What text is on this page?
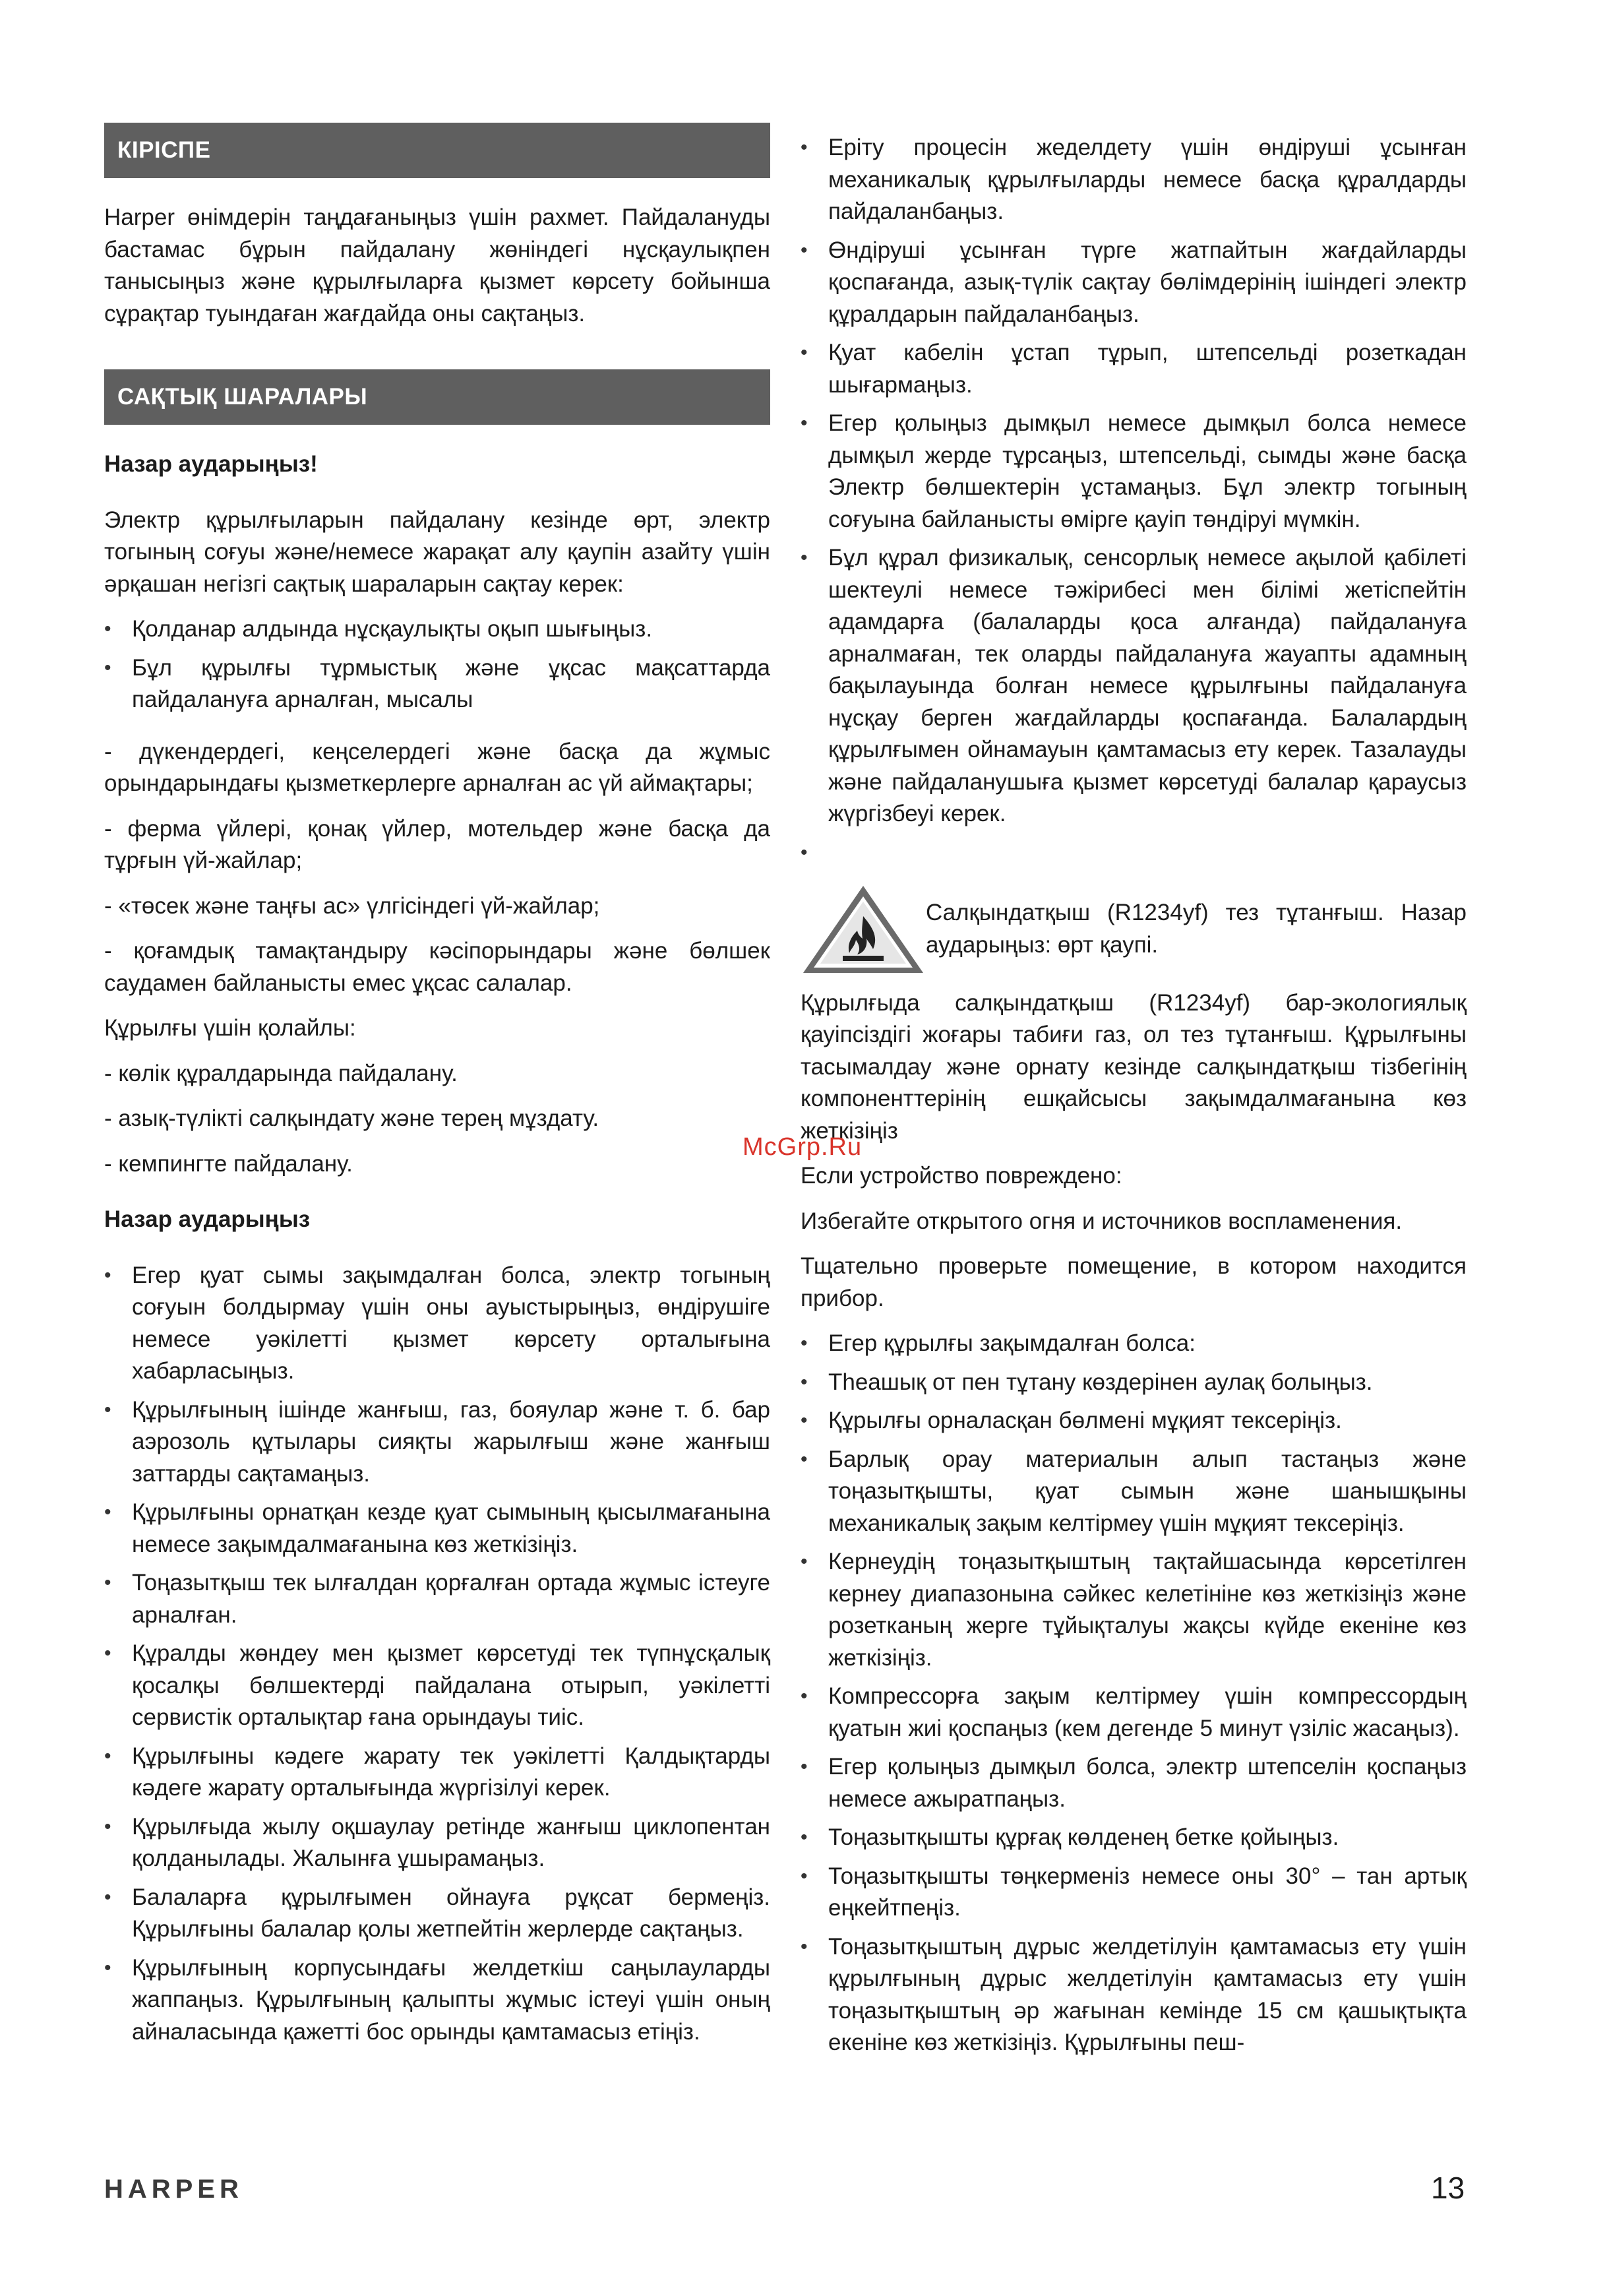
КІРІСПЕ

Harper өнімдерін таңдағаныңыз үшін рахмет. Пайдалануды бастамас бұрын пайдалану жөніндегі нұсқаулықпен танысыңыз және құрылғыларға қызмет көрсету бойынша сұрақтар туындаған жағдайда оны сақтаңыз.

САҚТЫҚ ШАРАЛАРЫ

Назар аударыңыз!

Электр құрылғыларын пайдалану кезінде өрт, электр тогының соғуы және/немесе жарақат алу қаупін азайту үшін әрқашан негізгі сақтық шараларын сақтау керек:

• Қолданар алдында нұсқаулықты оқып шығыңыз.
• Бұл құрылғы тұрмыстық және ұқсас мақсаттарда пайдалануға арналған, мысалы

- дүкендердегі, кеңселердегі және басқа да жұмыс орындарындағы қызметкерлерге арналған ас үй аймақтары;

- ферма үйлері, қонақ үйлер, мотельдер және басқа да тұрғын үй-жайлар;

- «төсек және таңғы ас» үлгісіндегі үй-жайлар;

- қоғамдық тамақтандыру кәсіпорындары және бөлшек саудамен байланысты емес ұқсас салалар.

Құрылғы үшін қолайлы:

- көлік құралдарында пайдалану.

- азық-түлікті салқындату және терең мұздату.

- кемпингте пайдалану.

Назар аударыңыз

• Егер қуат сымы зақымдалған болса, электр тогының соғуын болдырмау үшін оны ауыстырыңыз, өндірушіге немесе уәкілетті қызмет көрсету орталығына хабарласыңыз.
• Құрылғының ішінде жанғыш, газ, бояулар және т. б. бар аэрозоль құтылары сияқты жарылғыш және жанғыш заттарды сақтамаңыз.
• Құрылғыны орнатқан кезде қуат сымының қысылмағанына немесе зақымдалмағанына көз жеткізіңіз.
• Тоңазытқыш тек ылғалдан қорғалған ортада жұмыс істеуге арналған.
• Құралды жөндеу мен қызмет көрсетуді тек түпнұсқалық қосалқы бөлшектерді пайдалана отырып, уәкілетті сервистік орталықтар ғана орындауы тиіс.
• Құрылғыны кәдеге жарату тек уәкілетті Қалдықтарды кәдеге жарату орталығында жүргізілуі керек.
• Құрылғыда жылу оқшаулау ретінде жанғыш циклопентан қолданылады. Жалынға ұшырамаңыз.
• Балаларға құрылғымен ойнауға рұқсат бермеңіз. Құрылғыны балалар қолы жетпейтін жерлерде сақтаңыз.
• Құрылғының корпусындағы желдеткіш саңылауларды жаппаңыз. Құрылғының қалыпты жұмыс істеуі үшін оның айналасында қажетті бос орынды қамтамасыз етіңіз.
• Еріту процесін жеделдету үшін өндіруші ұсынған механикалық құрылғыларды немесе басқа құралдарды пайдаланбаңыз.
• Өндіруші ұсынған түрге жатпайтын жағдайларды қоспағанда, азық-түлік сақтау бөлімдерінің ішіндегі электр құралдарын пайдаланбаңыз.
• Қуат кабелін ұстап тұрып, штепсельді розеткадан шығармаңыз.
• Егер қолыңыз дымқыл немесе дымқыл болса немесе дымқыл жерде тұрсаңыз, штепсельді, сымды және басқа Электр бөлшектерін ұстамаңыз. Бұл электр тогының соғуына байланысты өмірге қауіп төндіруі мүмкін.
• Бұл құрал физикалық, сенсорлық немесе ақылой қабілеті шектеулі немесе тәжірибесі мен білімі жетіспейтін адамдарға (балаларды қоса алғанда) пайдалануға арналмаған, тек оларды пайдалануға жауапты адамның бақылауында болған немесе құрылғыны пайдалануға нұсқау берген жағдайларды қоспағанда. Балалардың құрылғымен ойнамауын қамтамасыз ету керек. Тазалауды және пайдаланушыға қызмет көрсетуді балалар қараусыз жүргізбеуі керек.
•

Салқындатқыш (R1234yf) тез тұтанғыш. Назар аударыңыз: өрт қаупі.

Құрылғыда салқындатқыш (R1234yf) бар-экологиялық қауіпсіздігі жоғары табиғи газ, ол тез тұтанғыш. Құрылғыны тасымалдау және орнату кезінде салқындатқыш тізбегінің компоненттерінің ешқайсысы зақымдалмағанына көз жеткізіңіз

Если устройство повреждено:

Избегайте открытого огня и источников воспламенения.

Тщательно проверьте помещение, в котором находится прибор.

• Егер құрылғы зақымдалған болса:
• Тһеашық от пен тұтану көздерінен аулақ болыңыз.
• Құрылғы орналасқан бөлмені мұқият тексеріңіз.
• Барлық орау материалын алып тастаңыз және тоңазытқышты, қуат сымын және шанышқыны механикалық зақым келтірмеу үшін мұқият тексеріңіз.
• Кернеудің тоңазытқыштың тақтайшасында көрсетілген кернеу диапазонына сәйкес келетініне көз жеткізіңіз және розетканың жерге тұйықталуы жақсы күйде екеніне көз жеткізіңіз.
• Компрессорға зақым келтірмеу үшін компрессордың қуатын жиі қоспаңыз (кем дегенде 5 минут үзіліс жасаңыз).
• Егер қолыңыз дымқыл болса, электр штепселін қоспаңыз немесе ажыратпаңыз.
• Тоңазытқышты құрғақ көлденең бетке қойыңыз.
• Тоңазытқышты төңкерменіз немесе оны 30° – тан артық еңкейтпеңіз.
• Тоңазытқыштың дұрыс желдетілуін қамтамасыз ету үшін құрылғының дұрыс желдетілуін қамтамасыз ету үшін тоңазытқыштың әр жағынан кемінде 15 см қашықтықта екеніне көз жеткізіңіз. Құрылғыны пеш-
McGrp.Ru
HARPER	13
